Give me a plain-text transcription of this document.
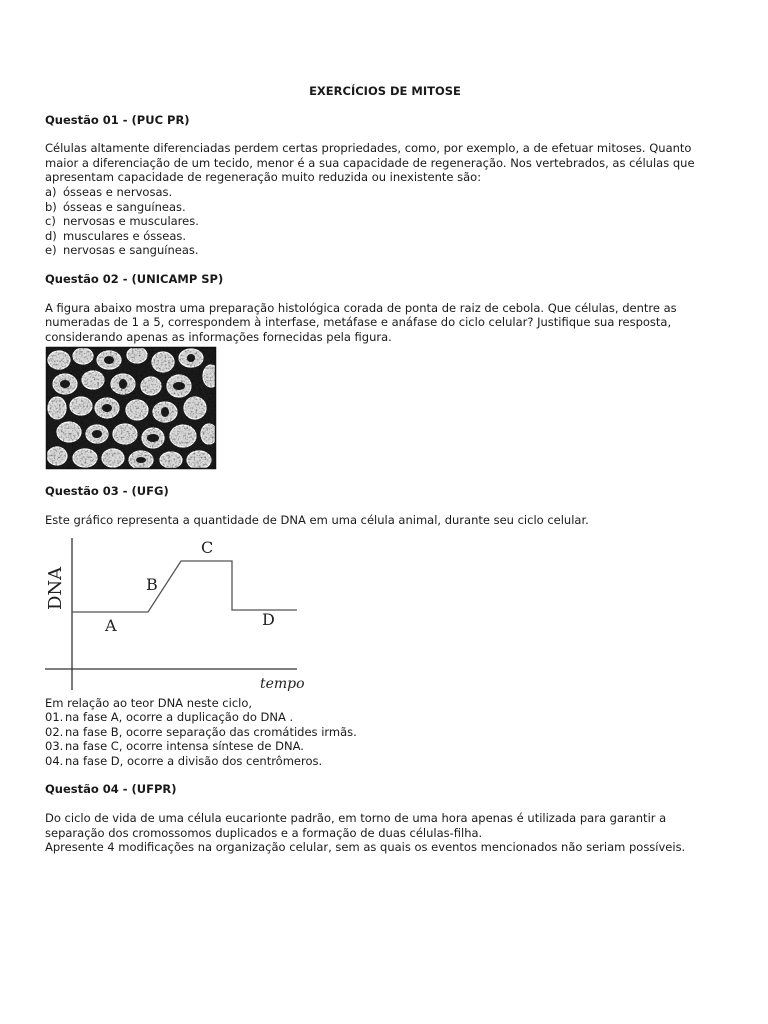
EXERCÍCIOS DE MITOSE
Questão 01 - (PUC PR)

Células altamente diferenciadas perdem certas propriedades, como, por exemplo, a de efetuar mitoses. Quanto maior a diferenciação de um tecido, menor é a sua capacidade de regeneração. Nos vertebrados, as células que apresentam capacidade de regeneração muito reduzida ou inexistente são:

a) ósseas e nervosas.
b) ósseas e sanguíneas.
c) nervosas e musculares.
d) musculares e ósseas.
e) nervosas e sanguíneas.
Questão 02 - (UNICAMP SP)

A figura abaixo mostra uma preparação histológica corada de ponta de raiz de cebola. Que células, dentre as numeradas de 1 a 5, correspondem à interfase, metáfase e anáfase do ciclo celular? Justifique sua resposta, considerando apenas as informações fornecidas pela figura.

Questão 03 - (UFG)

Este gráfico representa a quantidade de DNA em uma célula animal, durante seu ciclo celular.

DNA
tempo
A
B
C
D

Em relação ao teor DNA neste ciclo,

01. na fase A, ocorre a duplicação do DNA .
02. na fase B, ocorre separação das cromátides irmãs.
03. na fase C, ocorre intensa síntese de DNA.
04. na fase D, ocorre a divisão dos centrômeros.
Questão 04 - (UFPR)

Do ciclo de vida de uma célula eucarionte padrão, em torno de uma hora apenas é utilizada para garantir a separação dos cromossomos duplicados e a formação de duas células-filha.

Apresente 4 modificações na organização celular, sem as quais os eventos mencionados não seriam possíveis.
